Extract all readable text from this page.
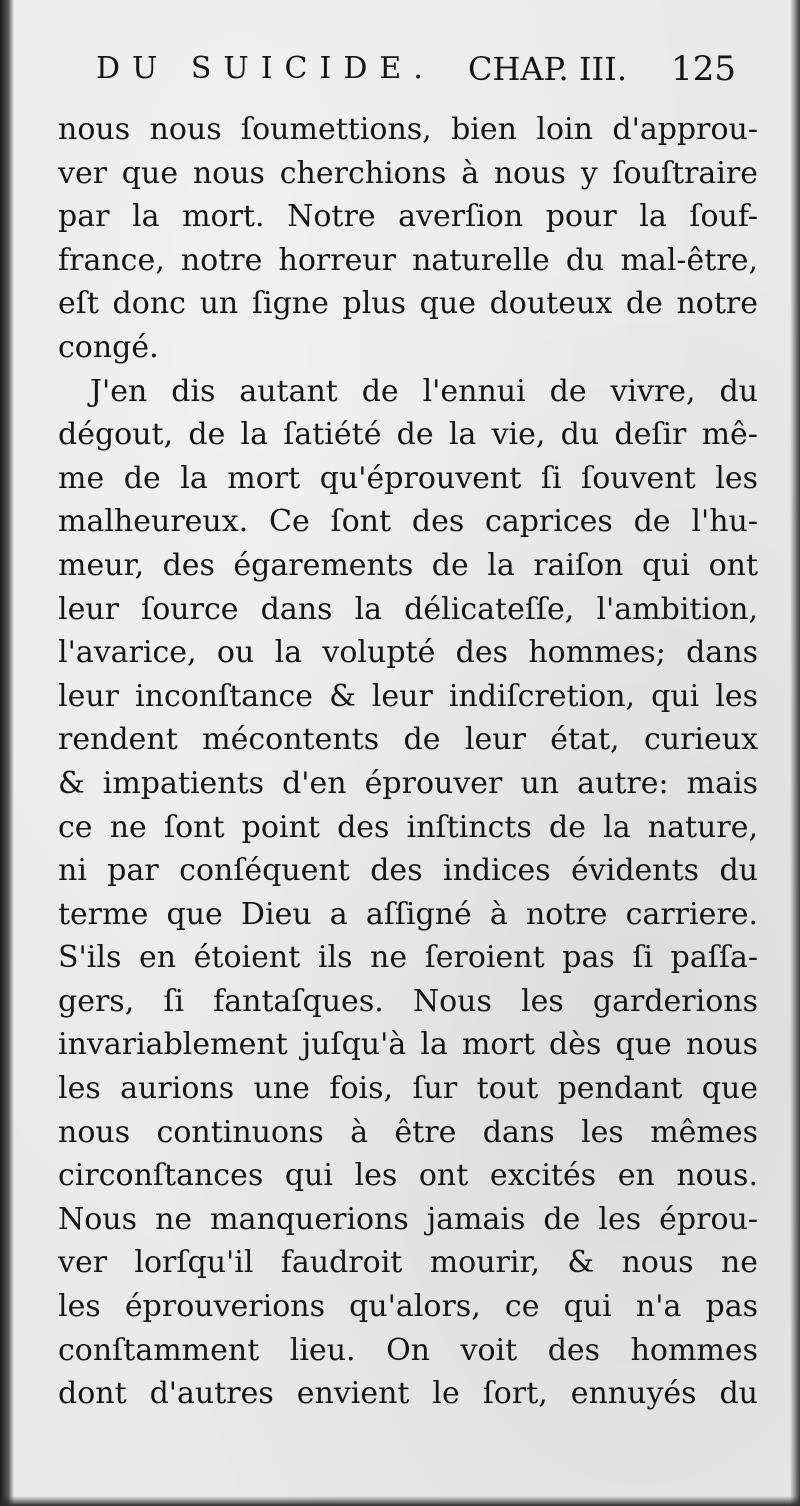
DU SUICIDE. CHAP. III. 125
nous nous ſoumettions, bien loin d'approu-
ver que nous cherchions à nous y ſouſtraire
par la mort. Notre averſion pour la ſouf-
france, notre horreur naturelle du mal-être,
eſt donc un ſigne plus que douteux de notre
congé.
J'en dis autant de l'ennui de vivre, du
dégout, de la ſatiété de la vie, du deſir mê-
me de la mort qu'éprouvent ſi ſouvent les
malheureux. Ce ſont des caprices de l'hu-
meur, des égarements de la raiſon qui ont
leur ſource dans la délicateſſe, l'ambition,
l'avarice, ou la volupté des hommes; dans
leur inconſtance & leur indiſcretion, qui les
rendent mécontents de leur état, curieux
& impatients d'en éprouver un autre: mais
ce ne ſont point des inſtincts de la nature,
ni par conſéquent des indices évidents du
terme que Dieu a aſſigné à notre carriere.
S'ils en étoient ils ne ſeroient pas ſi paſſa-
gers, ſi fantaſques. Nous les garderions
invariablement juſqu'à la mort dès que nous
les aurions une fois, ſur tout pendant que
nous continuons à être dans les mêmes
circonſtances qui les ont excités en nous.
Nous ne manquerions jamais de les éprou-
ver lorſqu'il faudroit mourir, & nous ne
les éprouverions qu'alors, ce qui n'a pas
conſtamment lieu. On voit des hommes
dont d'autres envient le ſort, ennuyés du
